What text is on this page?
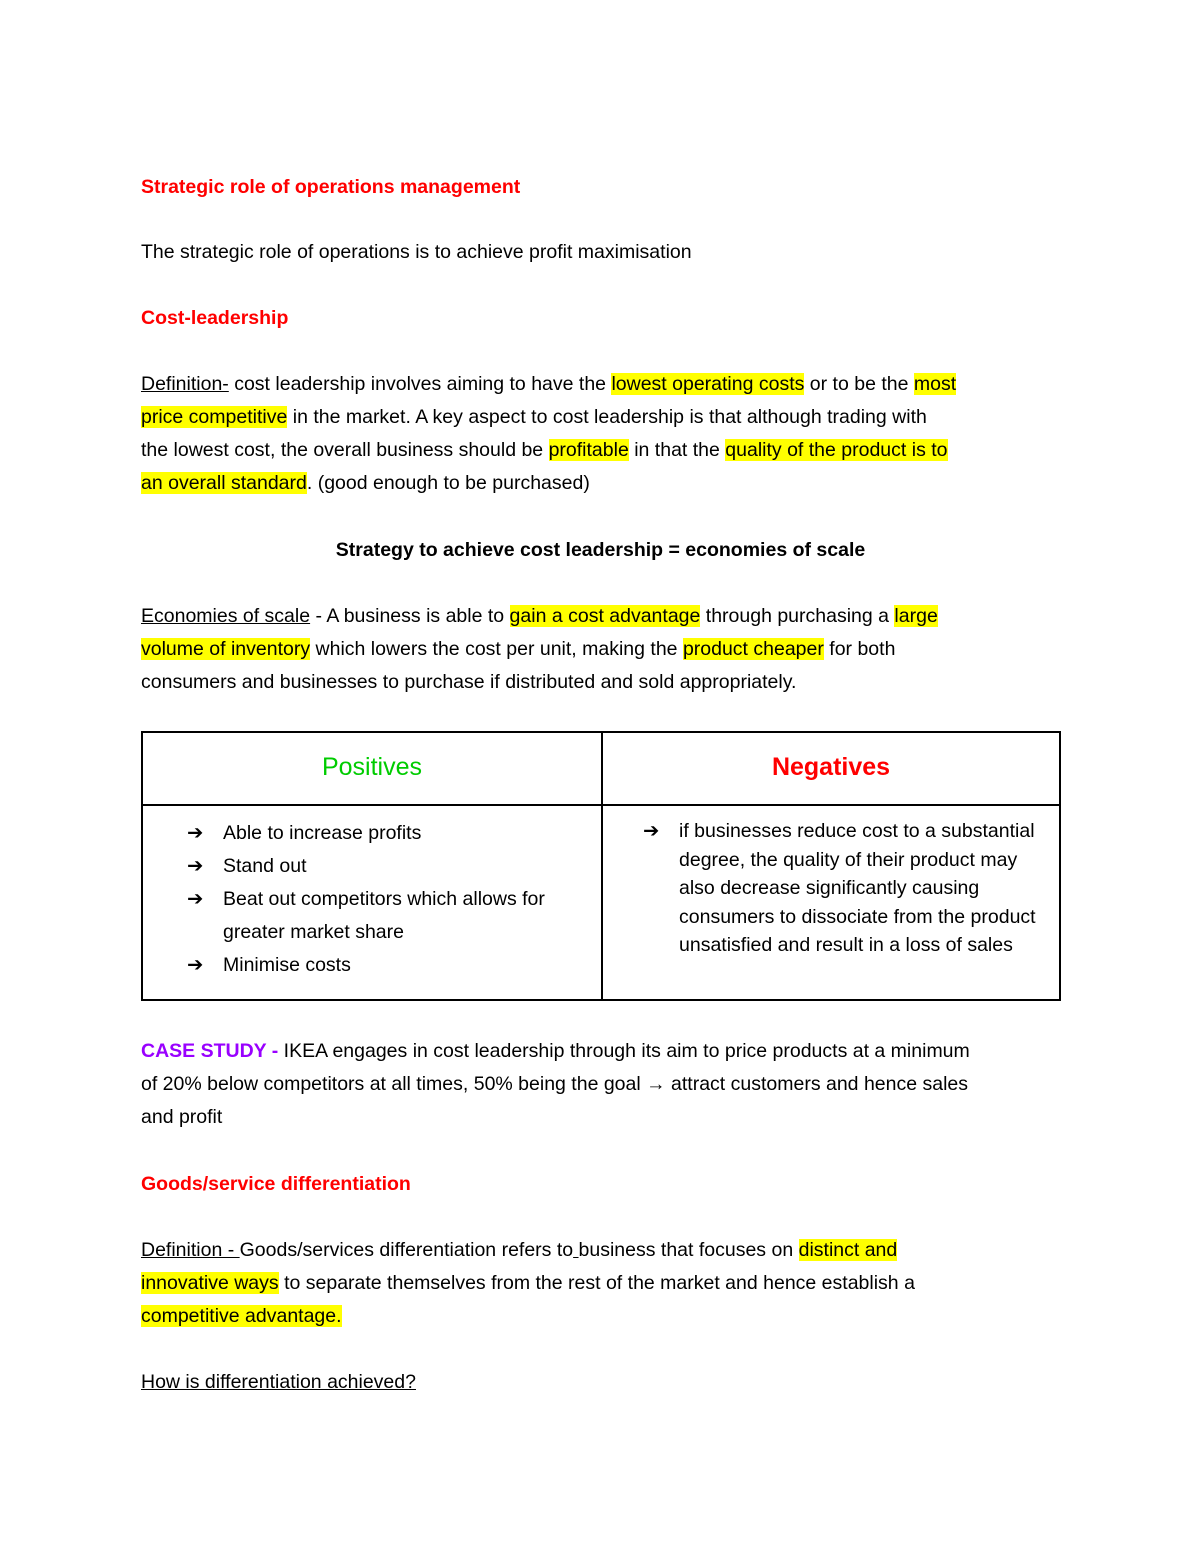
Strategic role of operations management
The strategic role of operations is to achieve profit maximisation
Cost-leadership
Definition- cost leadership involves aiming to have the lowest operating costs or to be the most
price competitive in the market. A key aspect to cost leadership is that although trading with
the lowest cost, the overall business should be profitable in that the quality of the product is to
an overall standard. (good enough to be purchased)
Strategy to achieve cost leadership = economies of scale
Economies of scale - A business is able to gain a cost advantage through purchasing a large
volume of inventory which lowers the cost per unit, making the product cheaper for both
consumers and businesses to purchase if distributed and sold appropriately.
Positives	Negatives
➔ Able to increase profits
➔ Stand out
➔ Beat out competitors which allows for greater market share
➔ Minimise costs
➔ if businesses reduce cost to a substantial degree, the quality of their product may also decrease significantly causing consumers to dissociate from the product unsatisfied and result in a loss of sales
CASE STUDY - IKEA engages in cost leadership through its aim to price products at a minimum
of 20% below competitors at all times, 50% being the goal → attract customers and hence sales
and profit
Goods/service differentiation
Definition - Goods/services differentiation refers to business that focuses on distinct and
innovative ways to separate themselves from the rest of the market and hence establish a
competitive advantage.
How is differentiation achieved?
